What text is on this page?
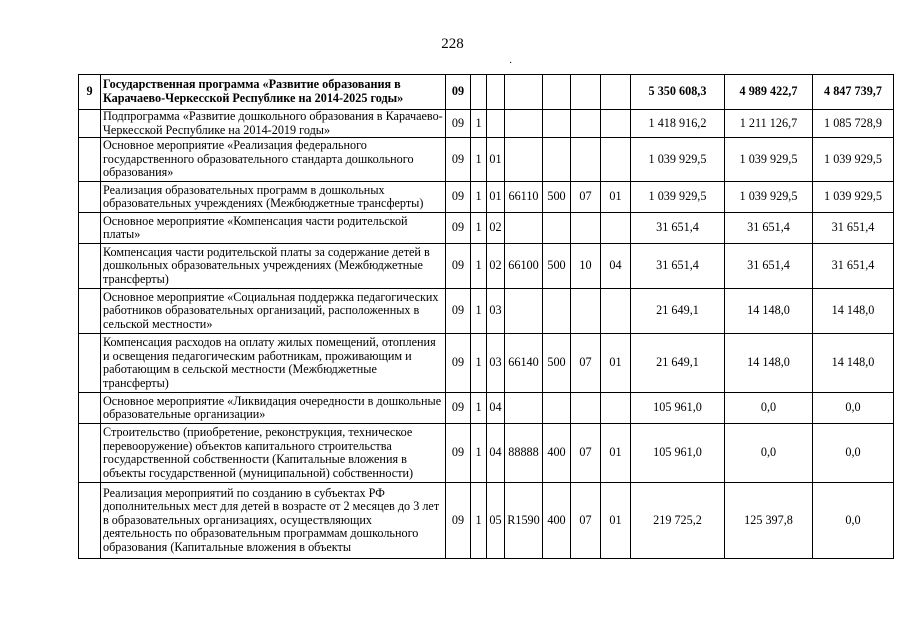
228
·
9	Государственная программа «Развитие образования в Карачаево-Черкесской Республике на 2014-2025 годы»	09							5 350 608,3	4 989 422,7	4 847 739,7
	Подпрограмма «Развитие дошкольного образования в Карачаево-Черкесской Республике на 2014-2019 годы»	09	1						1 418 916,2	1 211 126,7	1 085 728,9
	Основное мероприятие «Реализация федерального государственного образовательного стандарта дошкольного образования»	09	1	01					1 039 929,5	1 039 929,5	1 039 929,5
	Реализация образовательных программ в дошкольных образовательных учреждениях (Межбюджетные трансферты)	09	1	01	66110	500	07	01	1 039 929,5	1 039 929,5	1 039 929,5
	Основное мероприятие «Компенсация части родительской платы»	09	1	02					31 651,4	31 651,4	31 651,4
	Компенсация части родительской платы за содержание детей в дошкольных образовательных учреждениях (Межбюджетные трансферты)	09	1	02	66100	500	10	04	31 651,4	31 651,4	31 651,4
	Основное мероприятие «Социальная поддержка педагогических работников образовательных организаций, расположенных в сельской местности»	09	1	03					21 649,1	14 148,0	14 148,0
	Компенсация расходов на оплату жилых помещений, отопления и освещения педагогическим работникам, проживающим и работающим в сельской местности (Межбюджетные трансферты)	09	1	03	66140	500	07	01	21 649,1	14 148,0	14 148,0
	Основное мероприятие «Ликвидация очередности в дошкольные образовательные организации»	09	1	04					105 961,0	0,0	0,0
	Строительство (приобретение, реконструкция, техническое перевооружение) объектов капитального строительства государственной собственности (Капитальные вложения в объекты государственной (муниципальной) собственности)	09	1	04	88888	400	07	01	105 961,0	0,0	0,0
	Реализация мероприятий по созданию в субъектах РФ дополнительных мест для детей в возрасте от 2 месяцев до 3 лет в образовательных организациях, осуществляющих деятельность по образовательным программам дошкольного образования (Капитальные вложения в объекты	09	1	05	R1590	400	07	01	219 725,2	125 397,8	0,0
